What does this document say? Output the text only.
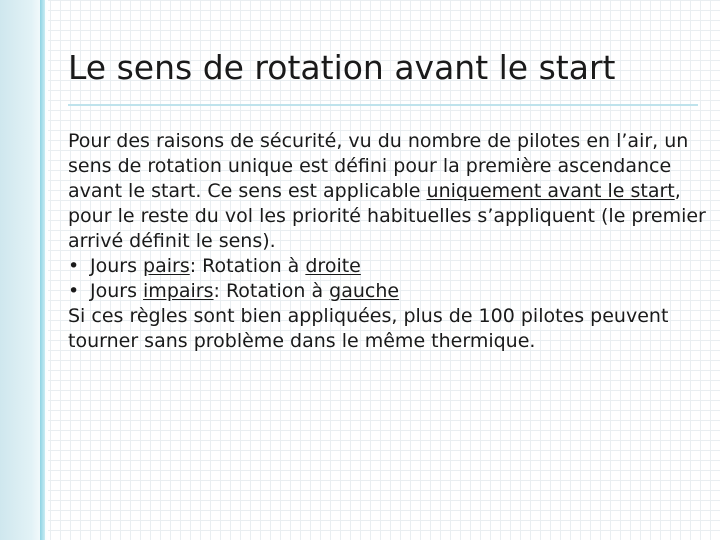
Le sens de rotation avant le start

Pour des raisons de sécurité, vu du nombre de pilotes en l’air, un sens de rotation unique est défini pour la première ascendance avant le start. Ce sens est applicable uniquement avant le start, pour le reste du vol les priorité habituelles s’appliquent (le premier arrivé définit le sens).

• Jours pairs: Rotation à droite
• Jours impairs: Rotation à gauche

Si ces règles sont bien appliquées, plus de 100 pilotes peuvent tourner sans problème dans le même thermique.
